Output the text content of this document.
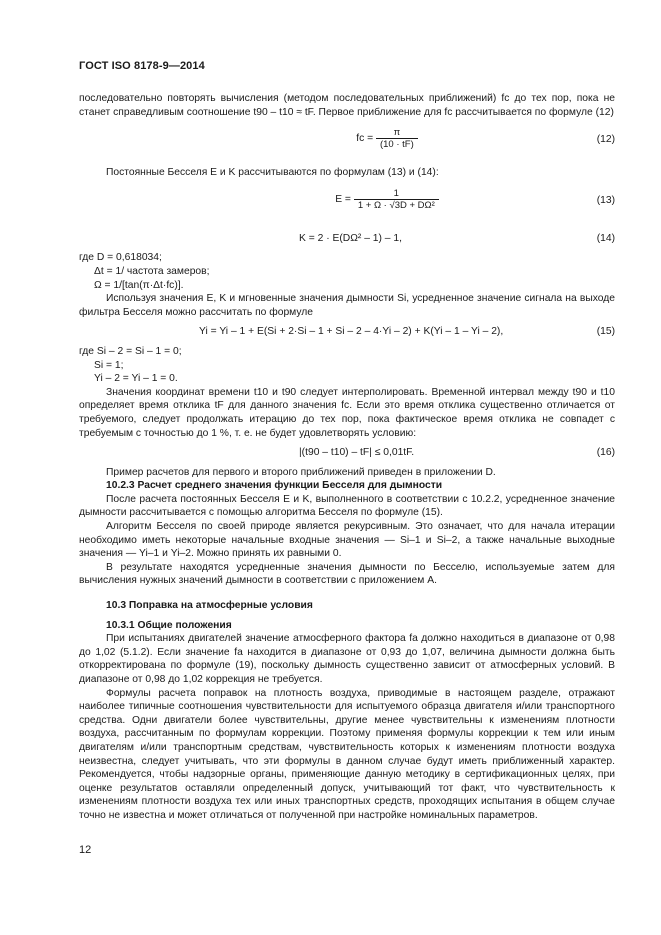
ГОСТ ISO 8178-9—2014

последовательно повторять вычисления (методом последовательных приближений) fc до тех пор, пока не станет справедливым соотношение t90 – t10 ≈ tF. Первое приближение для fc рассчитывается по формуле (12)

fc = $\frac{\pi}{(10 \cdot tF)}$	(12)

Постоянные Бесселя E и K рассчитываются по формулам (13) и (14):

$E = \frac{1}{\text{1 + Ω · √3D + DΩ²}}$	(13)
K = 2 · E(DΩ² – 1) – 1,	(14)

где D = 0,618034;

Δt = 1/ частота замеров;

Ω = 1/[tan(π·Δt·fc)].

Используя значения E, K и мгновенные значения дымности Si, усредненное значение сигнала на выходе фильтра Бесселя можно рассчитать по формуле

Yi = Yi – 1 + E(Si + 2·Si – 1 + Si – 2 – 4·Yi – 2) + K(Yi – 1 – Yi – 2),	(15)

где Si – 2 = Si – 1 = 0;

Si = 1;

Yi – 2 = Yi – 1 = 0.

Значения координат времени t10 и t90 следует интерполировать. Временной интервал между t90 и t10 определяет время отклика tF для данного значения fc. Если это время отклика существенно отличается от требуемого, следует продолжать итерацию до тех пор, пока фактическое время отклика не совпадет с требуемым с точностью до 1 %, т. е. не будет удовлетворять условию:

|(t90 – t10) – tF| ≤ 0,01tF.	(16)

Пример расчетов для первого и второго приближений приведен в приложении D.

10.2.3 Расчет среднего значения функции Бесселя для дымности

После расчета постоянных Бесселя E и K, выполненного в соответствии с 10.2.2, усредненное значение дымности рассчитывается с помощью алгоритма Бесселя по формуле (15).

Алгоритм Бесселя по своей природе является рекурсивным. Это означает, что для начала итерации необходимо иметь некоторые начальные входные значения — Si–1 и Si–2, а также начальные выходные значения — Yi–1 и Yi–2. Можно принять их равными 0.

В результате находятся усредненные значения дымности по Бесселю, используемые затем для вычисления нужных значений дымности в соответствии с приложением А.

10.3 Поправка на атмосферные условия

10.3.1 Общие положения

При испытаниях двигателей значение атмосферного фактора fa должно находиться в диапазоне от 0,98 до 1,02 (5.1.2). Если значение fa находится в диапазоне от 0,93 до 1,07, величина дымности должна быть откорректирована по формуле (19), поскольку дымность существенно зависит от атмосферных условий. В диапазоне от 0,98 до 1,02 коррекция не требуется.

Формулы расчета поправок на плотность воздуха, приводимые в настоящем разделе, отражают наиболее типичные соотношения чувствительности для испытуемого образца двигателя и/или транспортного средства. Одни двигатели более чувствительны, другие менее чувствительны к изменениям плотности воздуха, рассчитанным по формулам коррекции. Поэтому применяя формулы коррекции к тем или иным двигателям и/или транспортным средствам, чувствительность которых к изменениям плотности воздуха неизвестна, следует учитывать, что эти формулы в данном случае будут иметь приближенный характер. Рекомендуется, чтобы надзорные органы, применяющие данную методику в сертификационных целях, при оценке результатов оставляли определенный допуск, учитывающий тот факт, что чувствительность к изменениям плотности воздуха тех или иных транспортных средств, проходящих испытания в общем случае точно не известна и может отличаться от полученной при настройке номинальных параметров.

12
